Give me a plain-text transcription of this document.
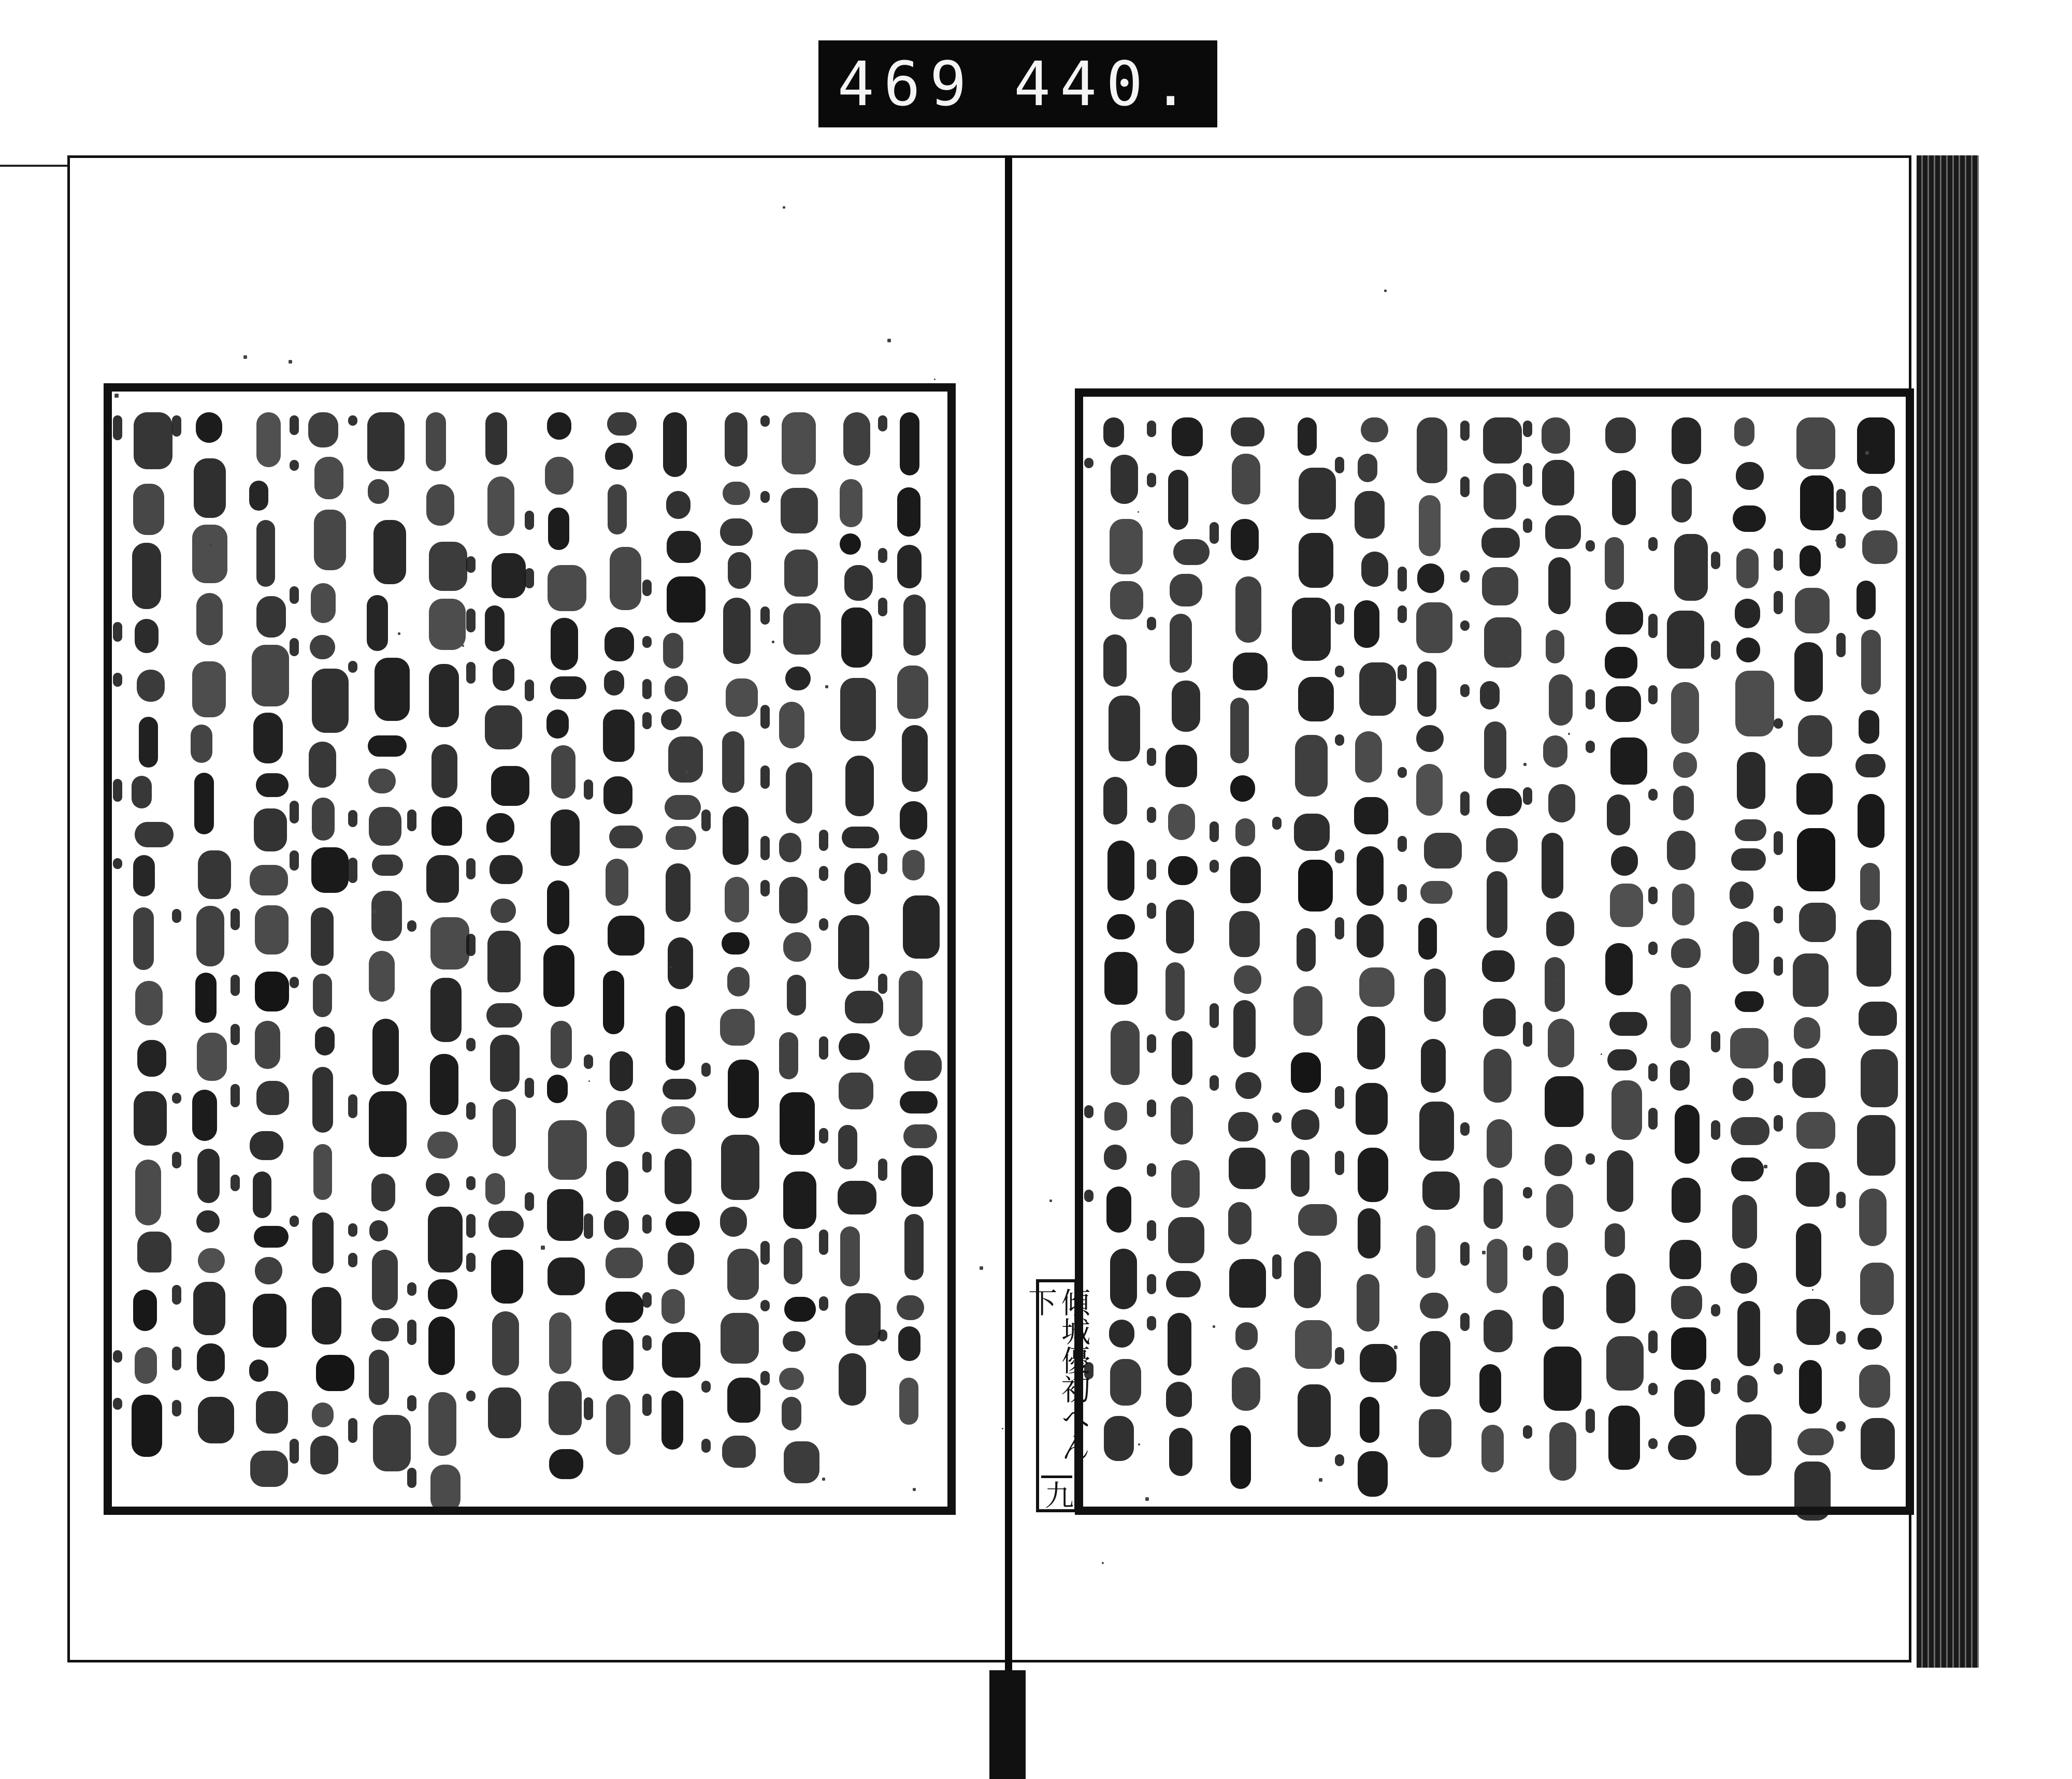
469 440.
傾城優初へん下
九
